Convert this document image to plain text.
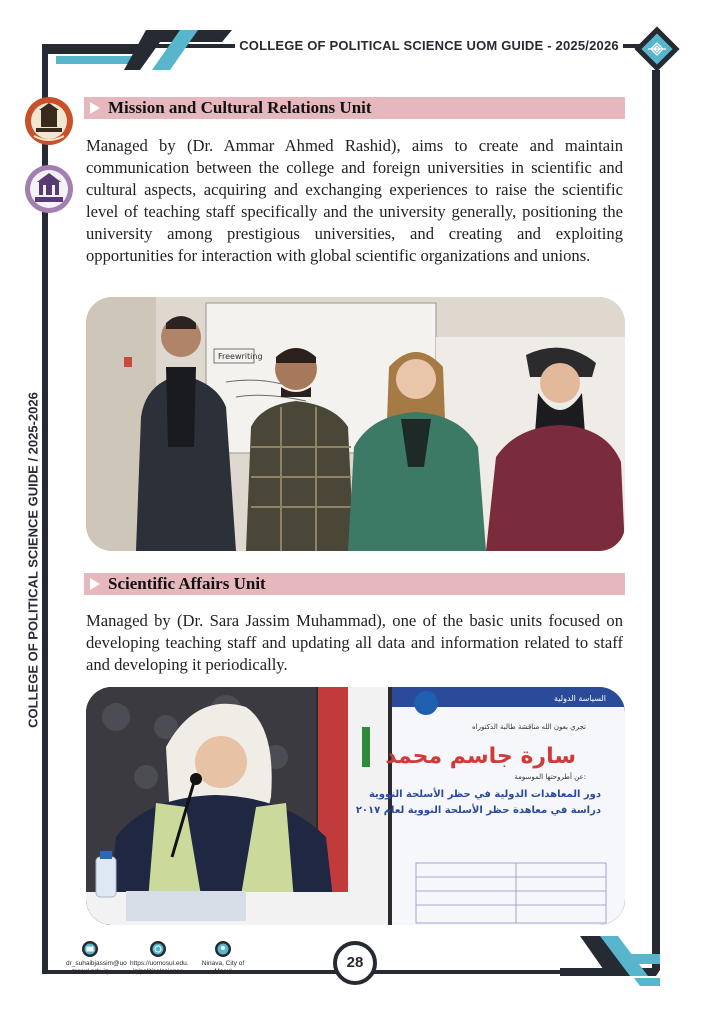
COLLEGE OF POLITICAL SCIENCE UOM GUIDE - 2025/2026
COLLEGE OF POLITICAL SCIENCE GUIDE / 2025-2026
Mission and Cultural Relations Unit
Managed by (Dr. Ammar Ahmed Rashid), aims to create and maintain communication between the college and foreign universities in scientific and cultural aspects, acquiring and exchanging experiences to raise the scientific level of teaching staff specifically and the university generally, positioning the university among prestigious universities, and creating and exploiting opportunities for interaction with global scientific organizations and unions.
Freewriting
Scientific Affairs Unit
Managed by (Dr. Sara Jassim Muhammad), one of the basic units focused on developing teaching staff and updating all data and information related to staff and developing it periodically.
السياسة الدولية
تجري بعون الله مناقشة طالبة الدكتوراه
سارة جاسم محمد
عن أطروحتها الموسومة:
دور المعاهدات الدولية في حظر الأسلحة النووية
دراسة في معاهدة حظر الأسلحة النووية لعام ٢٠١٧
dr_suhaibjassim@uo
mosul.edu.iq
https://uomosul.edu.
iq/politicalscience
Ninava, City of
Mosul
28	2025 - 2026
